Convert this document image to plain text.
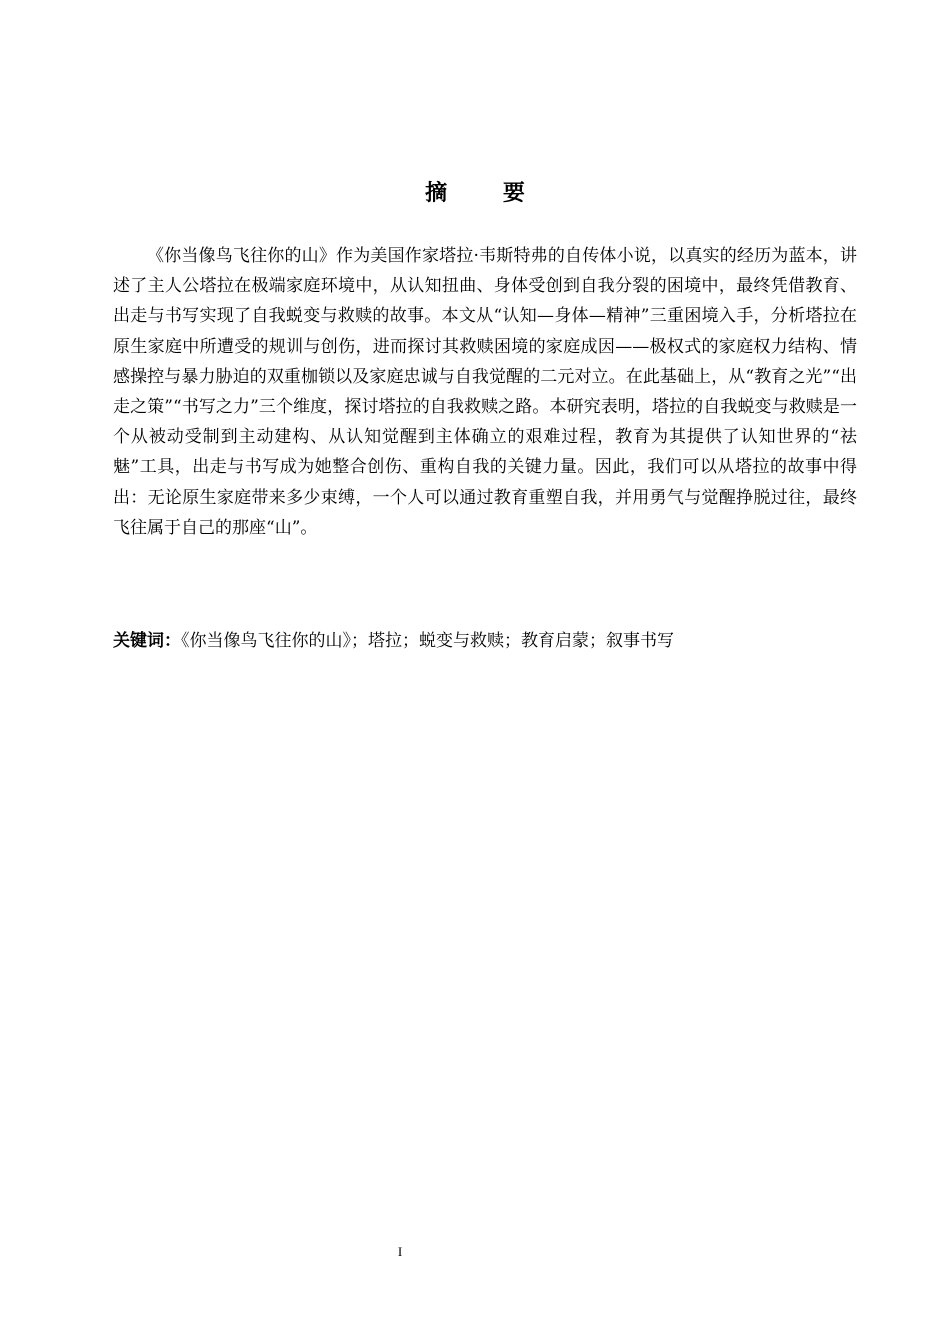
摘 要

《你当像鸟飞往你的山》作为美国作家塔拉·韦斯特弗的自传体小说，以真实的经历为蓝本，讲述了主人公塔拉在极端家庭环境中，从认知扭曲、身体受创到自我分裂的困境中，最终凭借教育、出走与书写实现了自我蜕变与救赎的故事。本文从“认知—身体—精神”三重困境入手，分析塔拉在原生家庭中所遭受的规训与创伤，进而探讨其救赎困境的家庭成因——极权式的家庭权力结构、情感操控与暴力胁迫的双重枷锁以及家庭忠诚与自我觉醒的二元对立。在此基础上，从“教育之光”“出走之策”“书写之力”三个维度，探讨塔拉的自我救赎之路。本研究表明，塔拉的自我蜕变与救赎是一个从被动受制到主动建构、从认知觉醒到主体确立的艰难过程，教育为其提供了认知世界的“祛魅”工具，出走与书写成为她整合创伤、重构自我的关键力量。因此，我们可以从塔拉的故事中得出：无论原生家庭带来多少束缚，一个人可以通过教育重塑自我，并用勇气与觉醒挣脱过往，最终飞往属于自己的那座“山”。

关键词：《你当像鸟飞往你的山》；塔拉；蜕变与救赎；教育启蒙；叙事书写

I
